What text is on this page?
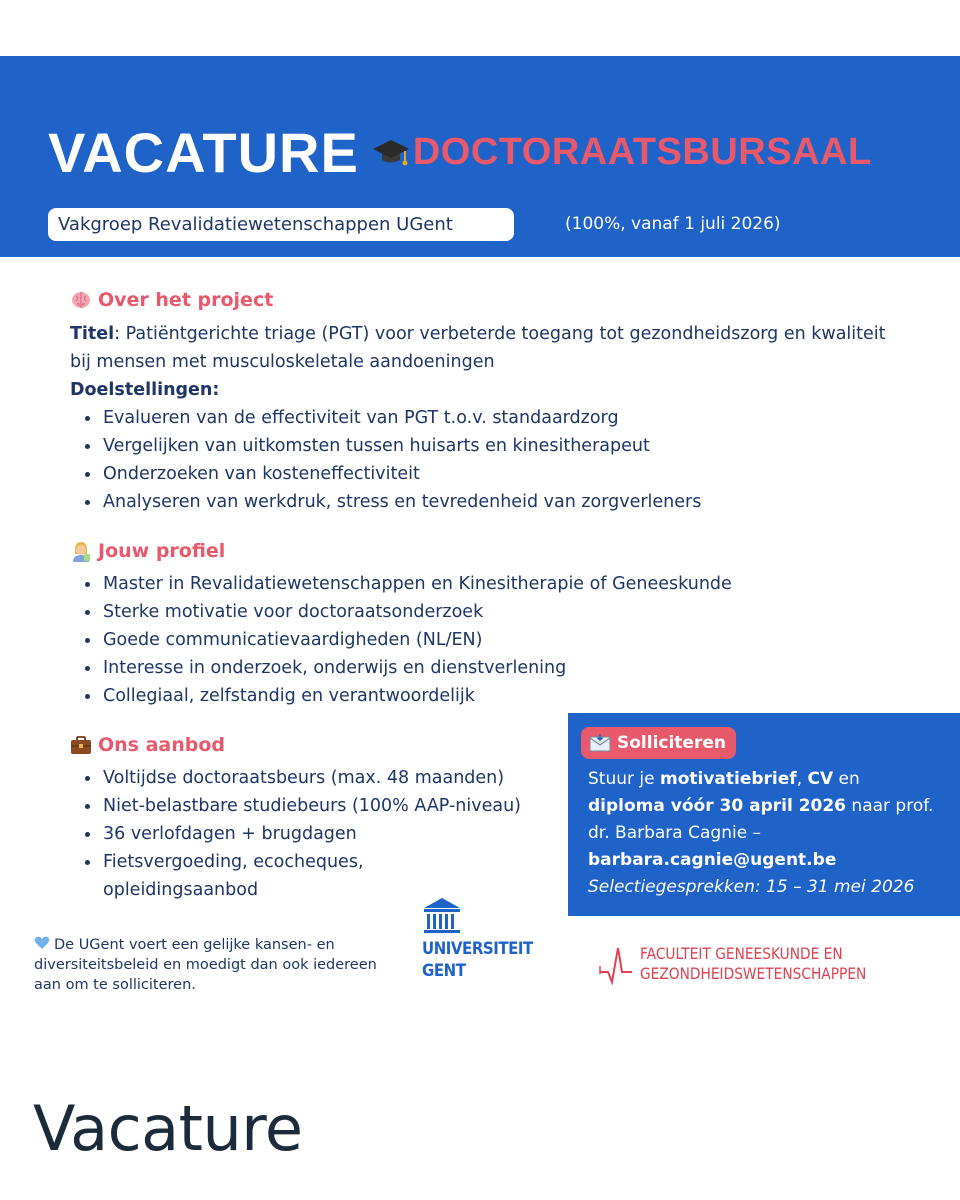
VACATURE DOCTORAATSBURSAAL
Vakgroep Revalidatiewetenschappen UGent	(100%, vanaf 1 juli 2026)
Over het project
Titel: Patiëntgerichte triage (PGT) voor verbeterde toegang tot gezondheidszorg en kwaliteit bij mensen met musculoskeletale aandoeningen
Doelstellingen:
Evalueren van de effectiviteit van PGT t.o.v. standaardzorg
Vergelijken van uitkomsten tussen huisarts en kinesitherapeut
Onderzoeken van kosteneffectiviteit
Analyseren van werkdruk, stress en tevredenheid van zorgverleners
Jouw profiel
Master in Revalidatiewetenschappen en Kinesitherapie of Geneeskunde
Sterke motivatie voor doctoraatsonderzoek
Goede communicatievaardigheden (NL/EN)
Interesse in onderzoek, onderwijs en dienstverlening
Collegiaal, zelfstandig en verantwoordelijk
Ons aanbod
Voltijdse doctoraatsbeurs (max. 48 maanden)
Niet-belastbare studiebeurs (100% AAP-niveau)
36 verlofdagen + brugdagen
Fietsvergoeding, ecocheques, opleidingsaanbod
Solliciteren
Stuur je motivatiebrief, CV en
diploma vóór 30 april 2026 naar prof. dr. Barbara Cagnie –
barbara.cagnie@ugent.be
Selectiegesprekken: 15 – 31 mei 2026
De UGent voert een gelijke kansen- en diversiteitsbeleid en moedigt dan ook iedereen aan om te solliciteren.
UNIVERSITEIT
GENT
FACULTEIT GENEESKUNDE EN
GEZONDHEIDSWETENSCHAPPEN
Vacature
